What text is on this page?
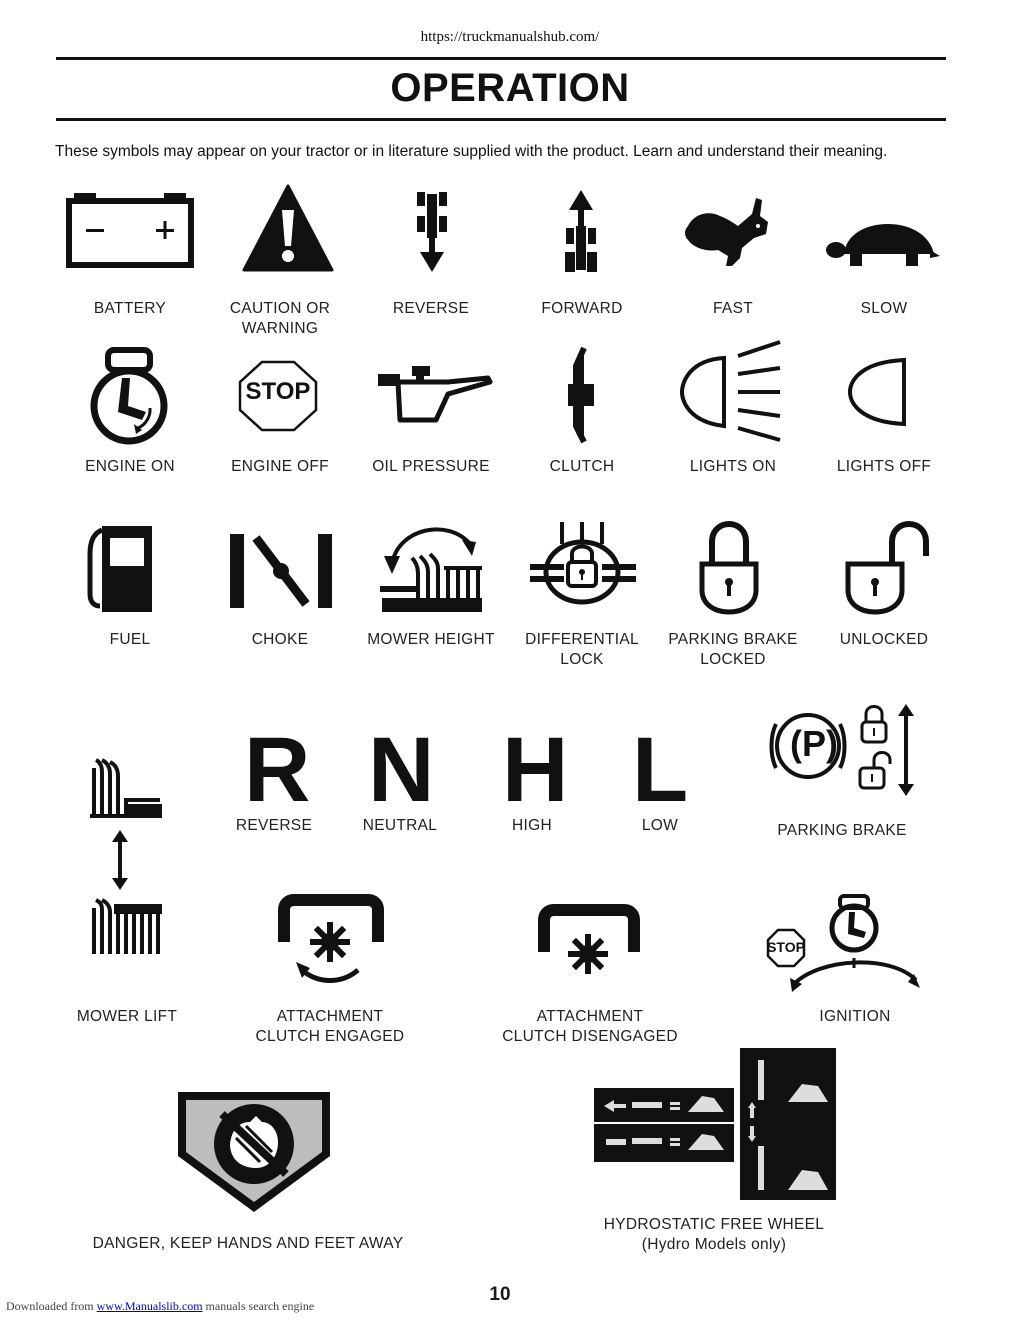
https://truckmanualshub.com/
OPERATION
These symbols may appear on your tractor or in literature supplied with the product. Learn and understand their meaning.
BATTERY	CAUTION OR
WARNING
REVERSE	FORWARD	FAST	SLOW
ENGINE ON
STOP
ENGINE OFF	OIL PRESSURE	CLUTCH	LIGHTS ON	LIGHTS OFF
FUEL	CHOKE	MOWER HEIGHT	DIFFERENTIAL
LOCK
PARKING BRAKE
LOCKED
UNLOCKED
MOWER LIFT
R N H L
REVERSE	NEUTRAL	HIGH	LOW
(P)
PARKING BRAKE
ATTACHMENT
CLUTCH ENGAGED
ATTACHMENT
CLUTCH DISENGAGED
STOP
IGNITION
DANGER, KEEP HANDS AND FEET AWAY
HYDROSTATIC FREE WHEEL
(Hydro Models only)
10
Downloaded from www.Manualslib.com manuals search engine
